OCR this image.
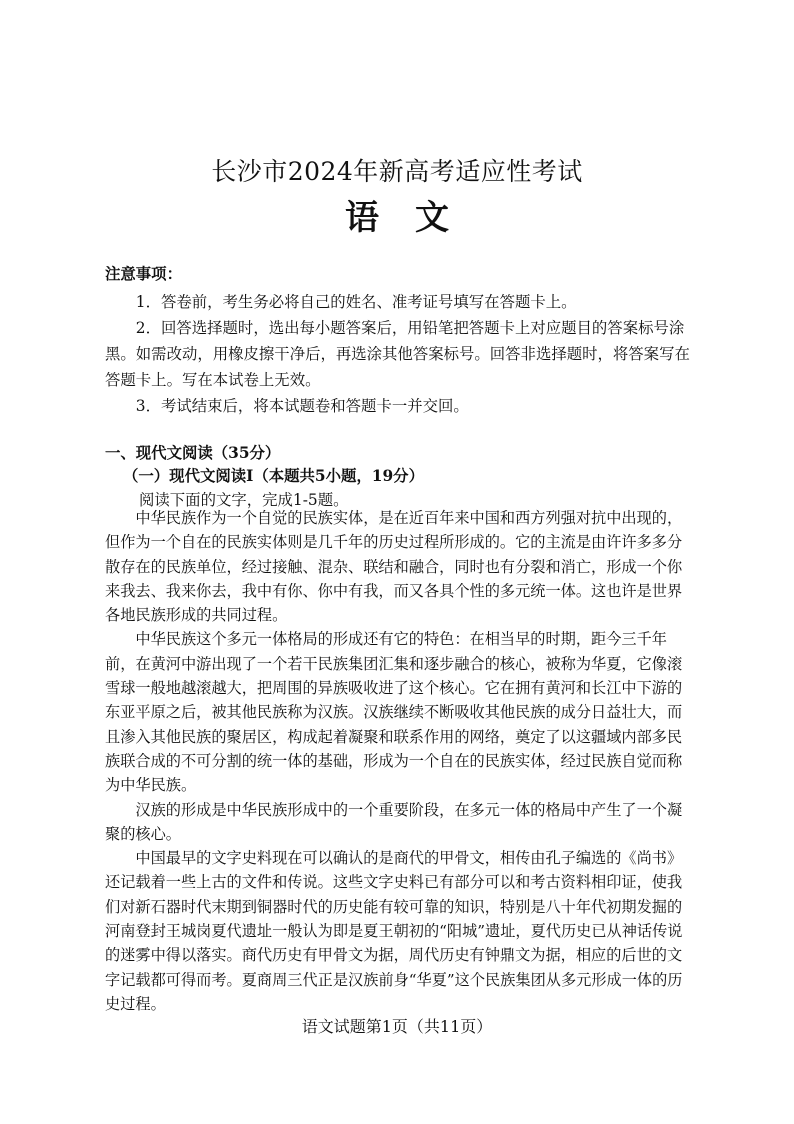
长沙市2024年新高考适应性考试
语文
注意事项：
1．答卷前，考生务必将自己的姓名、准考证号填写在答题卡上。
2．回答选择题时，选出每小题答案后，用铅笔把答题卡上对应题目的答案标号涂黑。如需改动，用橡皮擦干净后，再选涂其他答案标号。回答非选择题时，将答案写在答题卡上。写在本试卷上无效。
3．考试结束后，将本试题卷和答题卡一并交回。
一、现代文阅读（35分）
（一）现代文阅读Ⅰ（本题共5小题，19分）
阅读下面的文字，完成1-5题。

中华民族作为一个自觉的民族实体，是在近百年来中国和西方列强对抗中出现的，但作为一个自在的民族实体则是几千年的历史过程所形成的。它的主流是由许许多多分散存在的民族单位，经过接触、混杂、联结和融合，同时也有分裂和消亡，形成一个你来我去、我来你去，我中有你、你中有我，而又各具个性的多元统一体。这也许是世界各地民族形成的共同过程。

中华民族这个多元一体格局的形成还有它的特色：在相当早的时期，距今三千年前，在黄河中游出现了一个若干民族集团汇集和逐步融合的核心，被称为华夏，它像滚雪球一般地越滚越大，把周围的异族吸收进了这个核心。它在拥有黄河和长江中下游的东亚平原之后，被其他民族称为汉族。汉族继续不断吸收其他民族的成分日益壮大，而且渗入其他民族的聚居区，构成起着凝聚和联系作用的网络，奠定了以这疆域内部多民族联合成的不可分割的统一体的基础，形成为一个自在的民族实体，经过民族自觉而称为中华民族。

汉族的形成是中华民族形成中的一个重要阶段，在多元一体的格局中产生了一个凝聚的核心。

中国最早的文字史料现在可以确认的是商代的甲骨文，相传由孔子编选的《尚书》还记载着一些上古的文件和传说。这些文字史料已有部分可以和考古资料相印证，使我们对新石器时代末期到铜器时代的历史能有较可靠的知识，特别是八十年代初期发掘的河南登封王城岗夏代遗址一般认为即是夏王朝初的“阳城”遗址，夏代历史已从神话传说的迷雾中得以落实。商代历史有甲骨文为据，周代历史有钟鼎文为据，相应的后世的文字记载都可得而考。夏商周三代正是汉族前身“华夏”这个民族集团从多元形成一体的历史过程。

语文试题第1页（共11页）
